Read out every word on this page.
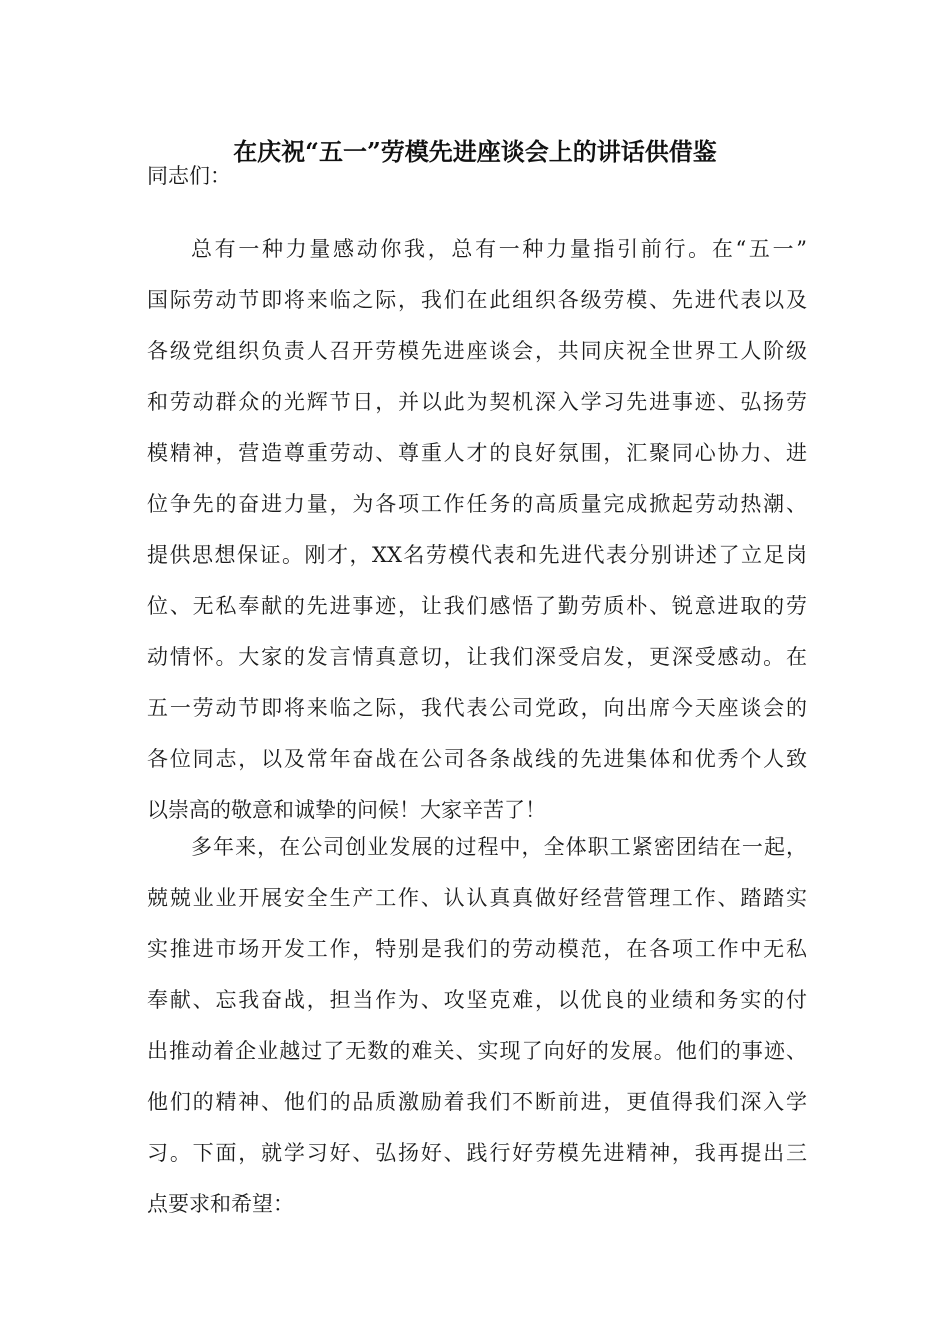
在庆祝“五一”劳模先进座谈会上的讲话供借鉴
同志们：
总有一种力量感动你我，总有一种力量指引前行。在“五一”
国际劳动节即将来临之际，我们在此组织各级劳模、先进代表以及
各级党组织负责人召开劳模先进座谈会，共同庆祝全世界工人阶级
和劳动群众的光辉节日，并以此为契机深入学习先进事迹、弘扬劳
模精神，营造尊重劳动、尊重人才的良好氛围，汇聚同心协力、进
位争先的奋进力量，为各项工作任务的高质量完成掀起劳动热潮、
提供思想保证。刚才，XX名劳模代表和先进代表分别讲述了立足岗
位、无私奉献的先进事迹，让我们感悟了勤劳质朴、锐意进取的劳
动情怀。大家的发言情真意切，让我们深受启发，更深受感动。在
五一劳动节即将来临之际，我代表公司党政，向出席今天座谈会的
各位同志，以及常年奋战在公司各条战线的先进集体和优秀个人致
以崇高的敬意和诚挚的问候！大家辛苦了！
多年来，在公司创业发展的过程中，全体职工紧密团结在一起，
兢兢业业开展安全生产工作、认认真真做好经营管理工作、踏踏实
实推进市场开发工作，特别是我们的劳动模范，在各项工作中无私
奉献、忘我奋战，担当作为、攻坚克难，以优良的业绩和务实的付
出推动着企业越过了无数的难关、实现了向好的发展。他们的事迹、
他们的精神、他们的品质激励着我们不断前进，更值得我们深入学
习。下面，就学习好、弘扬好、践行好劳模先进精神，我再提出三
点要求和希望：
